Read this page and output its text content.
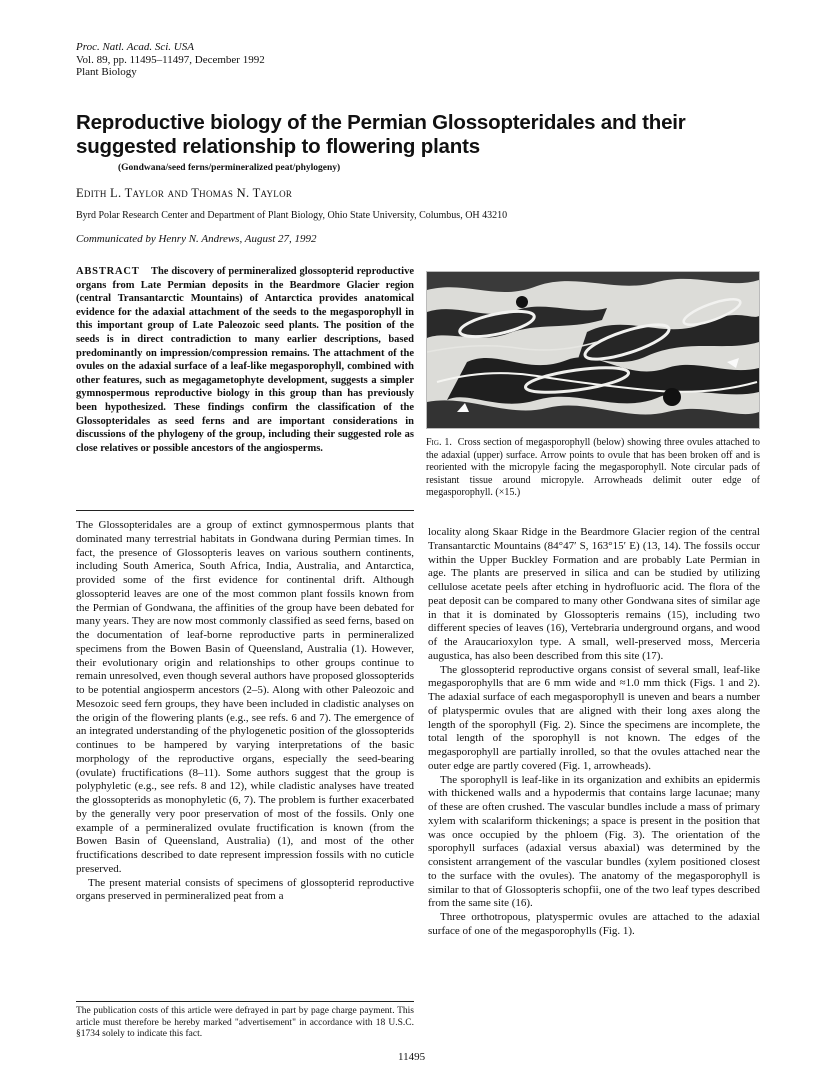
Proc. Natl. Acad. Sci. USA
Vol. 89, pp. 11495–11497, December 1992
Plant Biology
Reproductive biology of the Permian Glossopteridales and their suggested relationship to flowering plants
(Gondwana/seed ferns/permineralized peat/phylogeny)
Edith L. Taylor and Thomas N. Taylor
Byrd Polar Research Center and Department of Plant Biology, Ohio State University, Columbus, OH 43210
Communicated by Henry N. Andrews, August 27, 1992

ABSTRACT The discovery of permineralized glossopterid reproductive organs from Late Permian deposits in the Beardmore Glacier region (central Transantarctic Mountains) of Antarctica provides anatomical evidence for the adaxial attachment of the seeds to the megasporophyll in this important group of Late Paleozoic seed plants. The position of the seeds is in direct contradiction to many earlier descriptions, based predominantly on impression/compression remains. The attachment of the ovules on the adaxial surface of a leaf-like megasporophyll, combined with other features, such as megagametophyte development, suggests a simpler gymnospermous reproductive biology in this group than has previously been hypothesized. These findings confirm the classification of the Glossopteridales as seed ferns and are important considerations in discussions of the phylogeny of the group, including their suggested role as close relatives or possible ancestors of the angiosperms.

The Glossopteridales are a group of extinct gymnospermous plants that dominated many terrestrial habitats in Gondwana during Permian times. In fact, the presence of Glossopteris leaves on various southern continents, including South America, South Africa, India, Australia, and Antarctica, provided some of the first evidence for continental drift. Although glossopterid leaves are one of the most common plant fossils known from the Permian of Gondwana, the affinities of the group have been debated for many years. They are now most commonly classified as seed ferns, based on the documentation of leaf-borne reproductive parts in permineralized specimens from the Bowen Basin of Queensland, Australia (1). However, their evolutionary origin and relationships to other groups continue to remain unresolved, even though several authors have proposed glossopterids to be potential angiosperm ancestors (2–5). Along with other Paleozoic and Mesozoic seed fern groups, they have been included in cladistic analyses on the origin of the flowering plants (e.g., see refs. 6 and 7). The emergence of an integrated understanding of the phylogenetic position of the glossopterids continues to be hampered by varying interpretations of the basic morphology of the reproductive organs, especially the seed-bearing (ovulate) fructifications (8–11). Some authors suggest that the group is polyphyletic (e.g., see refs. 8 and 12), while cladistic analyses have treated the glossopterids as monophyletic (6, 7). The problem is further exacerbated by the generally very poor preservation of most of the fossils. Only one example of a permineralized ovulate fructification is known (from the Bowen Basin of Queensland, Australia) (1), and most of the other fructifications described to date represent impression fossils with no cuticle preserved.

The present material consists of specimens of glossopterid reproductive organs preserved in permineralized peat from a

locality along Skaar Ridge in the Beardmore Glacier region of the central Transantarctic Mountains (84°47′ S, 163°15′ E) (13, 14). The fossils occur within the Upper Buckley Formation and are probably Late Permian in age. The plants are preserved in silica and can be studied by utilizing cellulose acetate peels after etching in hydrofluoric acid. The flora of the peat deposit can be compared to many other Gondwana sites of similar age in that it is dominated by Glossopteris remains (15), including two different species of leaves (16), Vertebraria underground organs, and wood of the Araucarioxylon type. A small, well-preserved moss, Merceria augustica, has also been described from this site (17).

The glossopterid reproductive organs consist of several small, leaf-like megasporophylls that are 6 mm wide and ≈1.0 mm thick (Figs. 1 and 2). The adaxial surface of each megasporophyll is uneven and bears a number of platyspermic ovules that are aligned with their long axes along the length of the sporophyll (Fig. 2). Since the specimens are incomplete, the total length of the sporophyll is not known. The edges of the megasporophyll are partially inrolled, so that the ovules attached near the outer edge are partly covered (Fig. 1, arrowheads).

The sporophyll is leaf-like in its organization and exhibits an epidermis with thickened walls and a hypodermis that contains large lacunae; many of these are often crushed. The vascular bundles include a mass of primary xylem with scalariform thickenings; a space is present in the position that was once occupied by the phloem (Fig. 3). The orientation of the sporophyll surfaces (adaxial versus abaxial) was determined by the consistent arrangement of the vascular bundles (xylem positioned closest to the surface with the ovules). The anatomy of the megasporophyll is similar to that of Glossopteris schopfii, one of the two leaf types described from the same site (16).

Three orthotropous, platyspermic ovules are attached to the adaxial surface of one of the megasporophylls (Fig. 1).

Fig. 1. Cross section of megasporophyll (below) showing three ovules attached to the adaxial (upper) surface. Arrow points to ovule that has been broken off and is reoriented with the micropyle facing the megasporophyll. Note circular pads of resistant tissue around micropyle. Arrowheads delimit outer edge of megasporophyll. (×15.)

The publication costs of this article were defrayed in part by page charge payment. This article must therefore be hereby marked "advertisement" in accordance with 18 U.S.C. §1734 solely to indicate this fact.

11495
